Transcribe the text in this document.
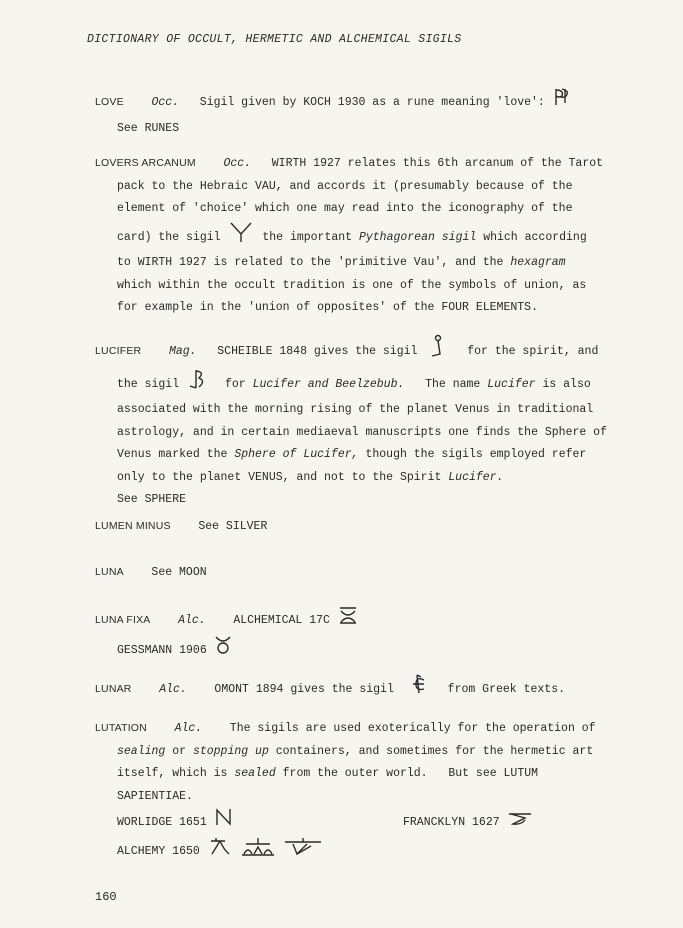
DICTIONARY OF OCCULT, HERMETIC AND ALCHEMICAL SIGILS
LOVE Occ. Sigil given by KOCH 1930 as a rune meaning 'love':
See RUNES
LOVERS ARCANUM Occ. WIRTH 1927 relates this 6th arcanum of the Tarot
pack to the Hebraic VAU, and accords it (presumably because of the
element of 'choice' which one may read into the iconography of the
card) the sigil	the important Pythagorean sigil which according
to WIRTH 1927 is related to the 'primitive Vau', and the hexagram
which within the occult tradition is one of the symbols of union, as
for example in the 'union of opposites' of the FOUR ELEMENTS.
LUCIFER Mag. SCHEIBLE 1848 gives the sigil	for the spirit, and
the sigil	for Lucifer and Beelzebub. The name Lucifer is also
associated with the morning rising of the planet Venus in traditional
astrology, and in certain mediaeval manuscripts one finds the Sphere of
Venus marked the Sphere of Lucifer, though the sigils employed refer
only to the planet VENUS, and not to the Spirit Lucifer.
See SPHERE
LUMEN MINUS See SILVER
LUNA See MOON
LUNA FIXA Alc. ALCHEMICAL 17C
GESSMANN 1906
LUNAR Alc. OMONT 1894 gives the sigil	from Greek texts.
LUTATION Alc. The sigils are used exoterically for the operation of
sealing or stopping up containers, and sometimes for the hermetic art
itself, which is sealed from the outer world. But see LUTUM
SAPIENTIAE.
WORLIDGE 1651	FRANCKLYN 1627
ALCHEMY 1650
160
